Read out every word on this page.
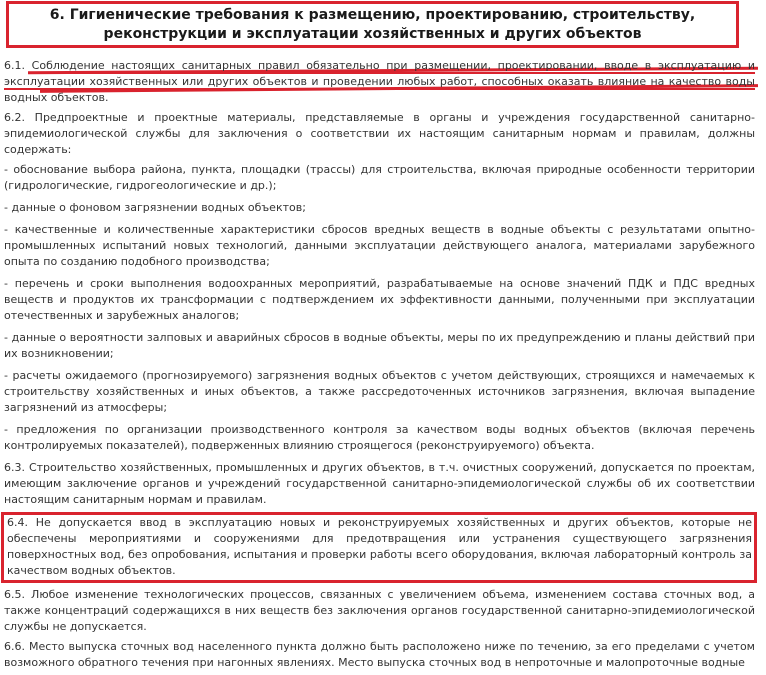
6. Гигиенические требования к размещению, проектированию, строительству, реконструкции и эксплуатации хозяйственных и других объектов

6.1. Соблюдение настоящих санитарных правил обязательно при размещении, проектировании, вводе в эксплуатацию и эксплуатации хозяйственных или других объектов и проведении любых работ, способных оказать влияние на качество воды водных объектов.

6.2. Предпроектные и проектные материалы, представляемые в органы и учреждения государственной санитарно-эпидемиологической службы для заключения о соответствии их настоящим санитарным нормам и правилам, должны содержать:

- обоснование выбора района, пункта, площадки (трассы) для строительства, включая природные особенности территории (гидрологические, гидрогеологические и др.);

- данные о фоновом загрязнении водных объектов;

- качественные и количественные характеристики сбросов вредных веществ в водные объекты с результатами опытно-промышленных испытаний новых технологий, данными эксплуатации действующего аналога, материалами зарубежного опыта по созданию подобного производства;

- перечень и сроки выполнения водоохранных мероприятий, разрабатываемые на основе значений ПДК и ПДС вредных веществ и продуктов их трансформации с подтверждением их эффективности данными, полученными при эксплуатации отечественных и зарубежных аналогов;

- данные о вероятности залповых и аварийных сбросов в водные объекты, меры по их предупреждению и планы действий при их возникновении;

- расчеты ожидаемого (прогнозируемого) загрязнения водных объектов с учетом действующих, строящихся и намечаемых к строительству хозяйственных и иных объектов, а также рассредоточенных источников загрязнения, включая выпадение загрязнений из атмосферы;

- предложения по организации производственного контроля за качеством воды водных объектов (включая перечень контролируемых показателей), подверженных влиянию строящегося (реконструируемого) объекта.

6.3. Строительство хозяйственных, промышленных и других объектов, в т.ч. очистных сооружений, допускается по проектам, имеющим заключение органов и учреждений государственной санитарно-эпидемиологической службы об их соответствии настоящим санитарным нормам и правилам.

6.4. Не допускается ввод в эксплуатацию новых и реконструируемых хозяйственных и других объектов, которые не обеспечены мероприятиями и сооружениями для предотвращения или устранения существующего загрязнения поверхностных вод, без опробования, испытания и проверки работы всего оборудования, включая лабораторный контроль за качеством водных объектов.

6.5. Любое изменение технологических процессов, связанных с увеличением объема, изменением состава сточных вод, а также концентраций содержащихся в них веществ без заключения органов государственной санитарно-эпидемиологической службы не допускается.

6.6. Место выпуска сточных вод населенного пункта должно быть расположено ниже по течению, за его пределами с учетом возможного обратного течения при нагонных явлениях. Место выпуска сточных вод в непроточные и малопроточные водные
